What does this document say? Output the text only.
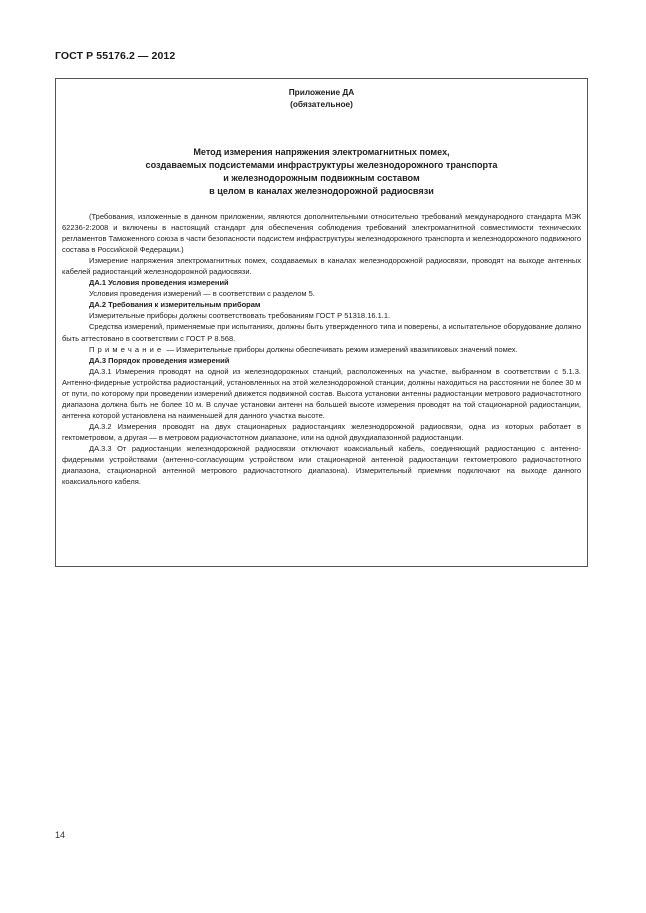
ГОСТ Р 55176.2 — 2012
Приложение ДА
(обязательное)
Метод измерения напряжения электромагнитных помех,
создаваемых подсистемами инфраструктуры железнодорожного транспорта
и железнодорожным подвижным составом
в целом в каналах железнодорожной радиосвязи

(Требования, изложенные в данном приложении, являются дополнительными относительно требований международного стандарта МЭК 62236-2:2008 и включены в настоящий стандарт для обеспечения соблюдения требований электромагнитной совместимости технических регламентов Таможенного союза в части безопасности подсистем инфраструктуры железнодорожного транспорта и железнодорожного подвижного состава в Российской Федерации.)

Измерение напряжения электромагнитных помех, создаваемых в каналах железнодорожной радиосвязи, проводят на выходе антенных кабелей радиостанций железнодорожной радиосвязи.

ДА.1 Условия проведения измерений

Условия проведения измерений — в соответствии с разделом 5.

ДА.2 Требования к измерительным приборам

Измерительные приборы должны соответствовать требованиям ГОСТ Р 51318.16.1.1.

Средства измерений, применяемые при испытаниях, должны быть утвержденного типа и поверены, а испытательное оборудование должно быть аттестовано в соответствии с ГОСТ Р 8.568.

Примечание — Измерительные приборы должны обеспечивать режим измерений квазипиковых значений помех.

ДА.3 Порядок проведения измерений

ДА.3.1 Измерения проводят на одной из железнодорожных станций, расположенных на участке, выбранном в соответствии с 5.1.3. Антенно-фидерные устройства радиостанций, установленных на этой железнодорожной станции, должны находиться на расстоянии не более 30 м от пути, по которому при проведении измерений движется подвижной состав. Высота установки антенны радиостанции метрового радиочастотного диапазона должна быть не более 10 м. В случае установки антенн на большей высоте измерения проводят на той стационарной радиостанции, антенна которой установлена на наименьшей для данного участка высоте.

ДА.3.2 Измерения проводят на двух стационарных радиостанциях железнодорожной радиосвязи, одна из которых работает в гектометровом, а другая — в метровом радиочастотном диапазоне, или на одной двухдиапазонной радиостанции.

ДА.3.3 От радиостанции железнодорожной радиосвязи отключают коаксиальный кабель, соединяющий радиостанцию с антенно-фидерными устройствами (антенно-согласующим устройством или стационарной антенной радиостанции гектометрового радиочастотного диапазона, стационарной антенной метрового радиочастотного диапазона). Измерительный приемник подключают на выходе данного коаксиального кабеля.

14
